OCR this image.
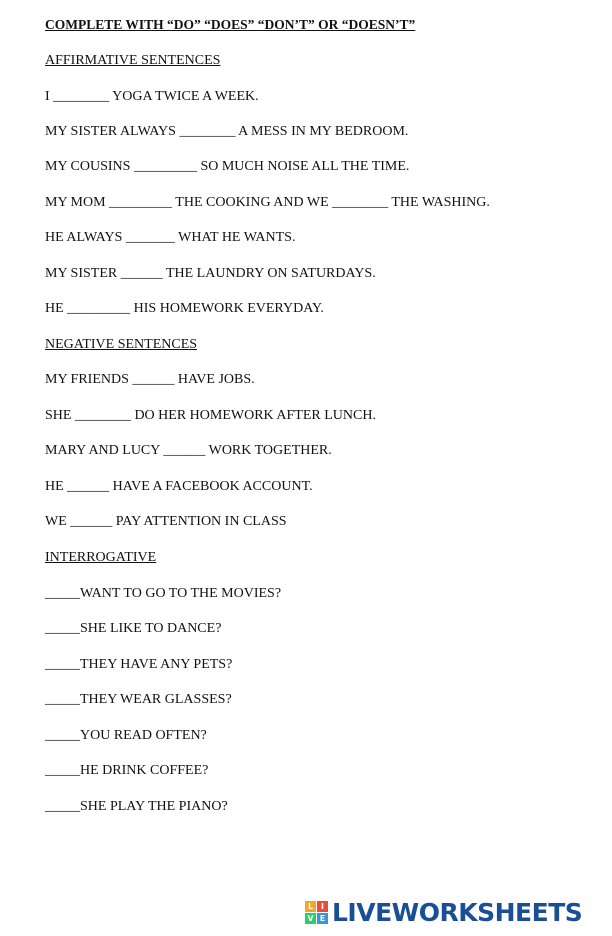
COMPLETE WITH “DO” “DOES” “DON’T” OR “DOESN’T”
AFFIRMATIVE SENTENCES
I ________ YOGA TWICE A WEEK.
MY SISTER ALWAYS ________ A MESS IN MY BEDROOM.
MY COUSINS _________ SO MUCH NOISE ALL THE TIME.
MY MOM _________ THE COOKING AND WE ________ THE WASHING.
HE ALWAYS _______ WHAT HE WANTS.
MY SISTER ______ THE LAUNDRY ON SATURDAYS.
HE _________ HIS HOMEWORK EVERYDAY.
NEGATIVE SENTENCES
MY FRIENDS ______ HAVE JOBS.
SHE ________ DO HER HOMEWORK AFTER LUNCH.
MARY AND LUCY ______ WORK TOGETHER.
HE ______ HAVE A FACEBOOK ACCOUNT.
WE ______ PAY ATTENTION IN CLASS
INTERROGATIVE
_____WANT TO GO TO THE MOVIES?
_____SHE LIKE TO DANCE?
_____THEY HAVE ANY PETS?
_____THEY WEAR GLASSES?
_____YOU READ OFTEN?
_____HE DRINK COFFEE?
_____SHE PLAY THE PIANO?
L I
V E LIVEWORKSHEETS
